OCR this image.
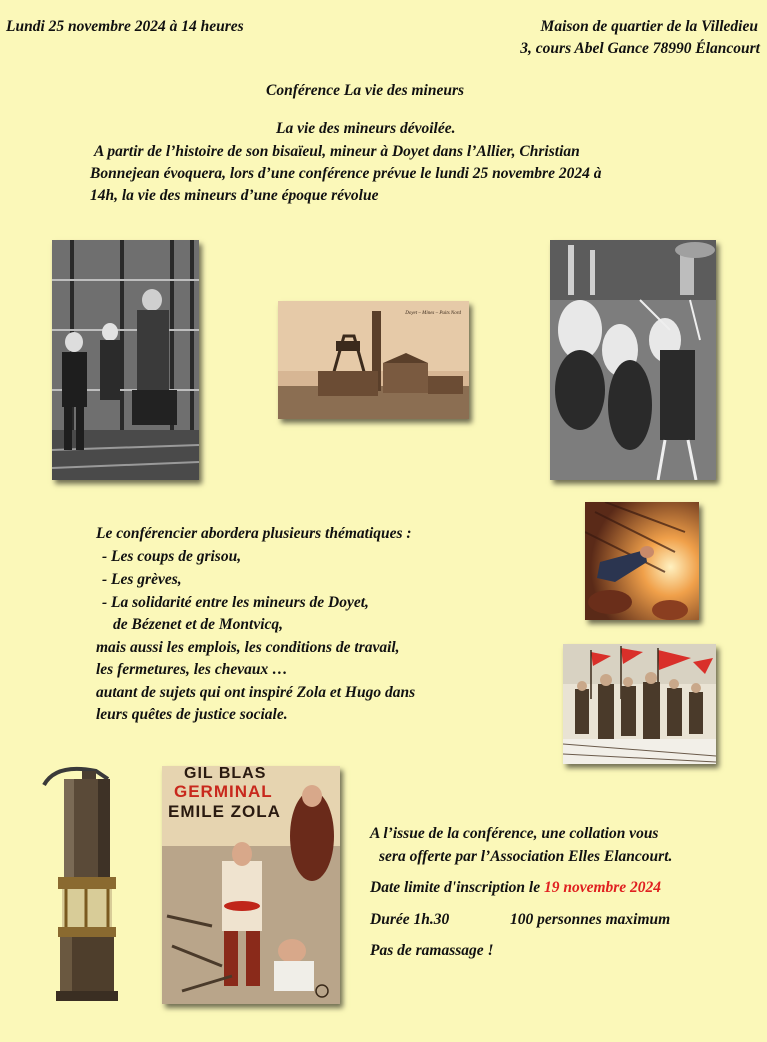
Lundi 25 novembre 2024 à 14 heures	Maison de quartier de la Villedieu
3, cours Abel Gance 78990 Élancourt
Conférence La vie des mineurs
La vie des mineurs dévoilée.
A partir de l’histoire de son bisaïeul, mineur à Doyet dans l’Allier, Christian
Bonnejean évoquera, lors d’une conférence prévue le lundi 25 novembre 2024 à
14h, la vie des mineurs d’une époque révolue
Doyet – Mines – Puits Nord
Le conférencier abordera plusieurs thématiques :
- Les coups de grisou,
- Les grèves,
- La solidarité entre les mineurs de Doyet,
de Bézenet et de Montvicq,
mais aussi les emplois, les conditions de travail,
les fermetures, les chevaux …
autant de sujets qui ont inspiré Zola et Hugo dans
leurs quêtes de justice sociale.
GIL BLAS
GERMINAL
EMILE ZOLA
A l’issue de la conférence, une collation vous
sera offerte par l’Association Elles Elancourt.
Date limite d'inscription le 19 novembre 2024
Durée 1h.30	100 personnes maximum
Pas de ramassage !
